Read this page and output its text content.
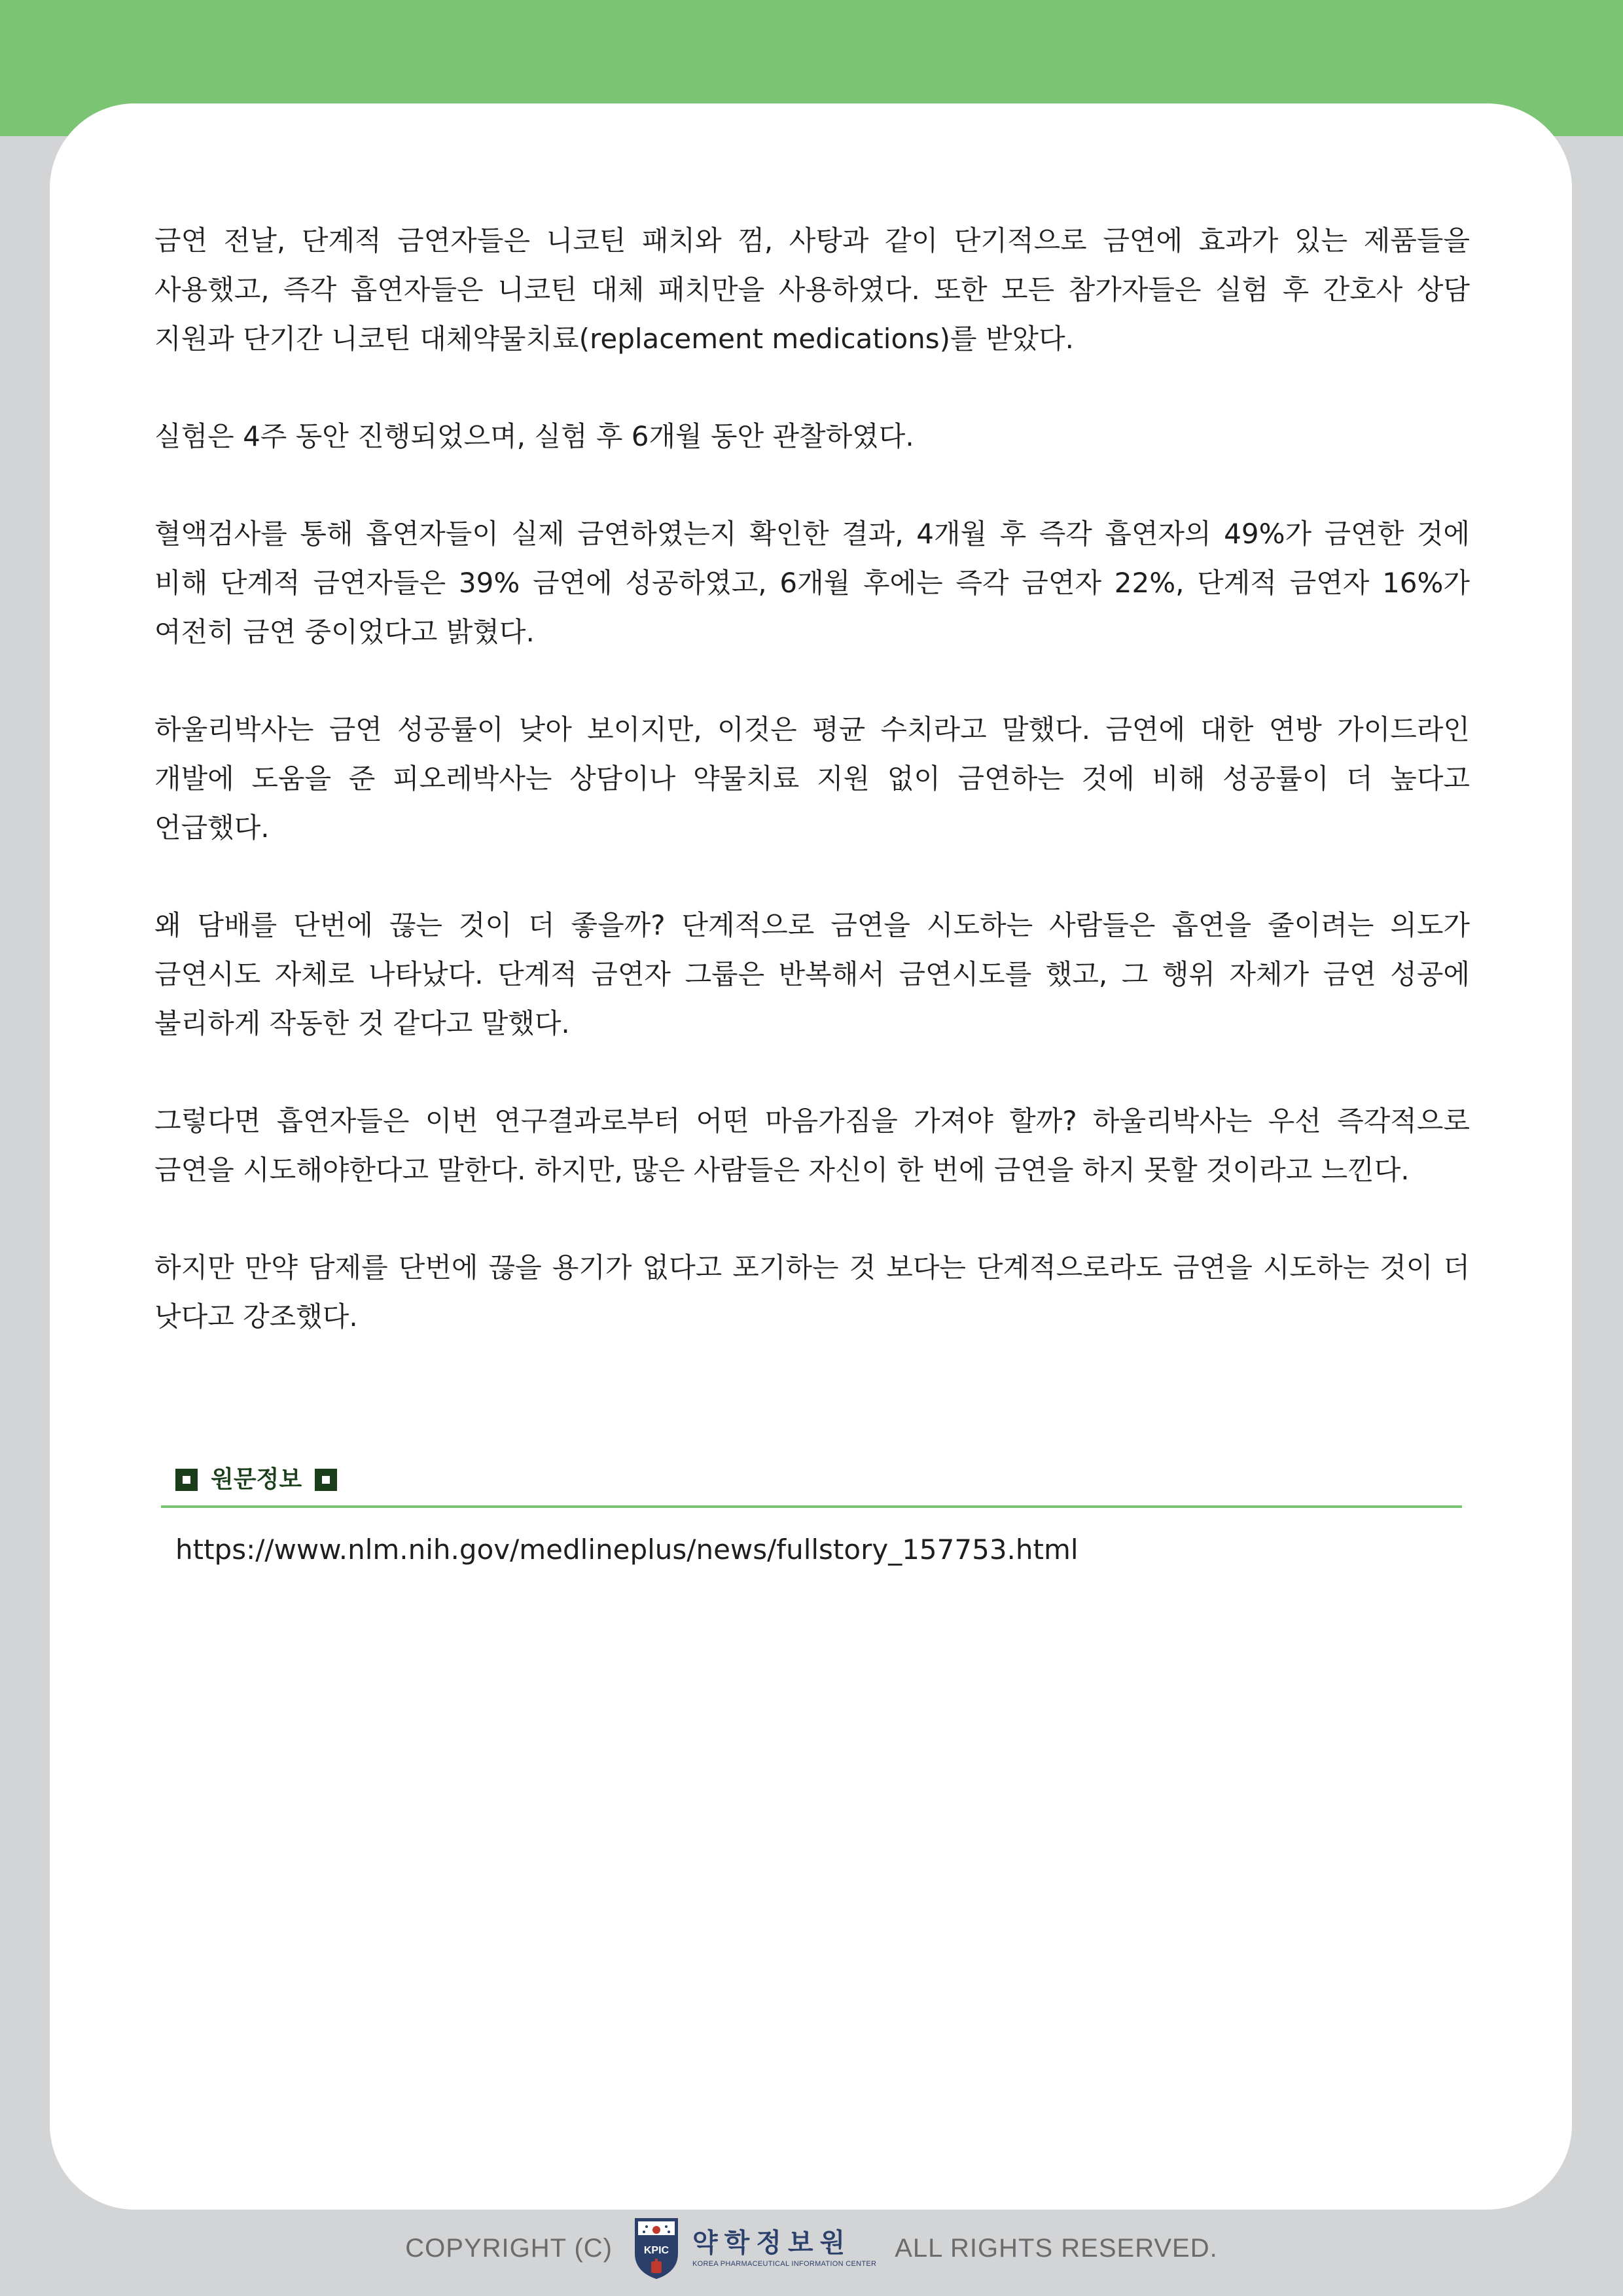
금연 전날, 단계적 금연자들은 니코틴 패치와 껌, 사탕과 같이 단기적으로 금연에 효과가 있는 제품들을 사용했고, 즉각 흡연자들은 니코틴 대체 패치만을 사용하였다. 또한 모든 참가자들은 실험 후 간호사 상담 지원과 단기간 니코틴 대체약물치료(replacement medications)를 받았다.

실험은 4주 동안 진행되었으며, 실험 후 6개월 동안 관찰하였다.

혈액검사를 통해 흡연자들이 실제 금연하였는지 확인한 결과, 4개월 후 즉각 흡연자의 49%가 금연한 것에 비해 단계적 금연자들은 39% 금연에 성공하였고, 6개월 후에는 즉각 금연자 22%, 단계적 금연자 16%가 여전히 금연 중이었다고 밝혔다.

하울리박사는 금연 성공률이 낮아 보이지만, 이것은 평균 수치라고 말했다. 금연에 대한 연방 가이드라인 개발에 도움을 준 피오레박사는 상담이나 약물치료 지원 없이 금연하는 것에 비해 성공률이 더 높다고 언급했다.

왜 담배를 단번에 끊는 것이 더 좋을까? 단계적으로 금연을 시도하는 사람들은 흡연을 줄이려는 의도가 금연시도 자체로 나타났다. 단계적 금연자 그룹은 반복해서 금연시도를 했고, 그 행위 자체가 금연 성공에 불리하게 작동한 것 같다고 말했다.

그렇다면 흡연자들은 이번 연구결과로부터 어떤 마음가짐을 가져야 할까? 하울리박사는 우선 즉각적으로 금연을 시도해야한다고 말한다. 하지만, 많은 사람들은 자신이 한 번에 금연을 하지 못할 것이라고 느낀다.

하지만 만약 담제를 단번에 끊을 용기가 없다고 포기하는 것 보다는 단계적으로라도 금연을 시도하는 것이 더 낫다고 강조했다.

원문정보
https://www.nlm.nih.gov/medlineplus/news/fullstory_157753.html
COPYRIGHT (C)	KPIC 약학정보원
KOREA PHARMACEUTICAL INFORMATION CENTER
ALL RIGHTS RESERVED.
